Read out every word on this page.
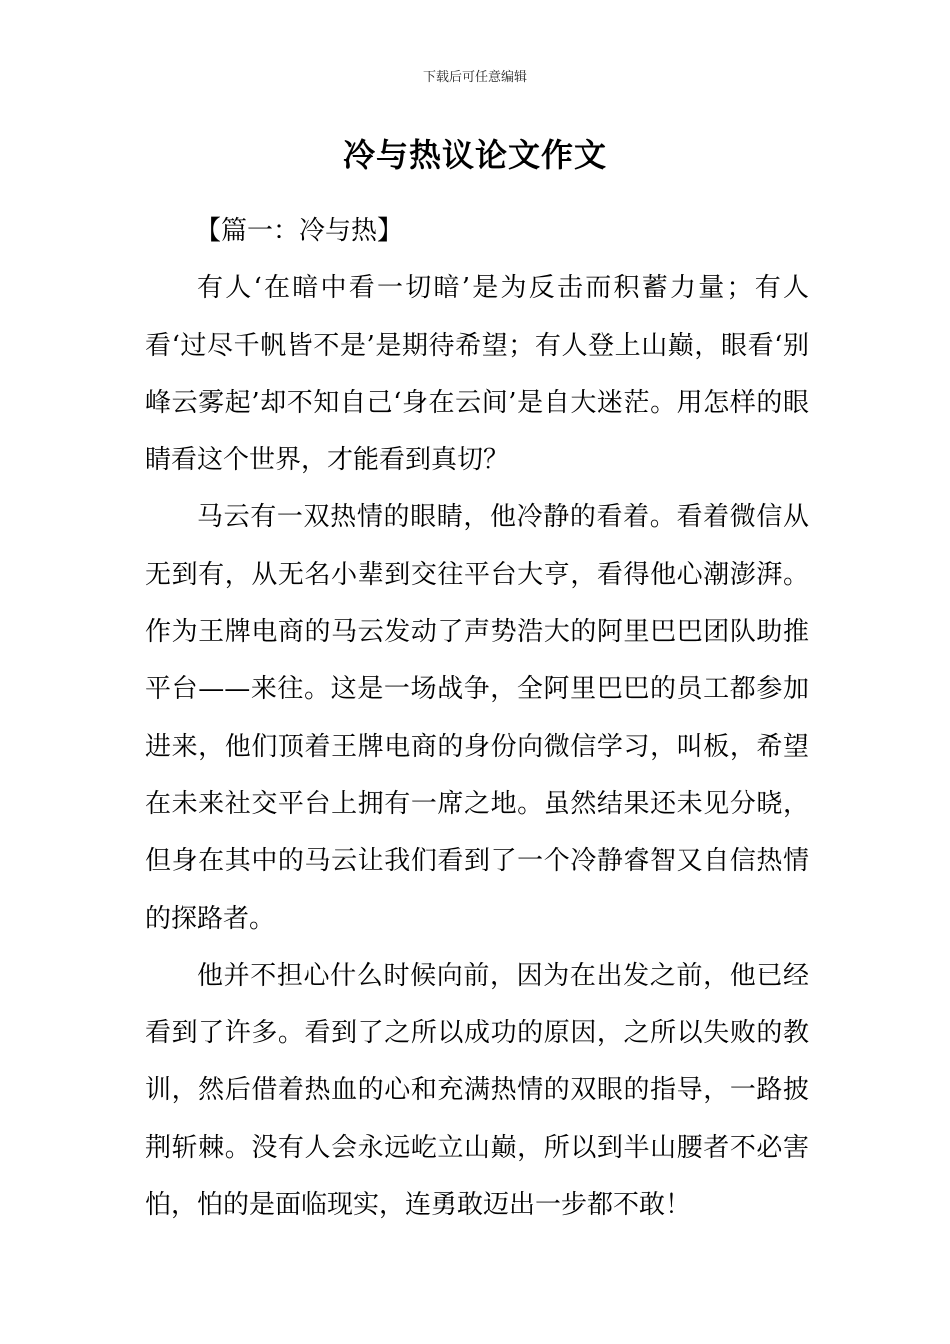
下载后可任意编辑
冷与热议论文作文

【篇一：冷与热】

有人‘在暗中看一切暗’是为反击而积蓄力量；有人看‘过尽千帆皆不是’是期待希望；有人登上山巅，眼看‘别峰云雾起’却不知自己‘身在云间’是自大迷茫。用怎样的眼睛看这个世界，才能看到真切？

马云有一双热情的眼睛，他冷静的看着。看着微信从无到有，从无名小辈到交往平台大亨，看得他心潮澎湃。作为王牌电商的马云发动了声势浩大的阿里巴巴团队助推平台——来往。这是一场战争，全阿里巴巴的员工都参加进来，他们顶着王牌电商的身份向微信学习，叫板，希望在未来社交平台上拥有一席之地。虽然结果还未见分晓，但身在其中的马云让我们看到了一个冷静睿智又自信热情的探路者。

他并不担心什么时候向前，因为在出发之前，他已经看到了许多。看到了之所以成功的原因，之所以失败的教训，然后借着热血的心和充满热情的双眼的指导，一路披荆斩棘。没有人会永远屹立山巅，所以到半山腰者不必害怕，怕的是面临现实，连勇敢迈出一步都不敢！
